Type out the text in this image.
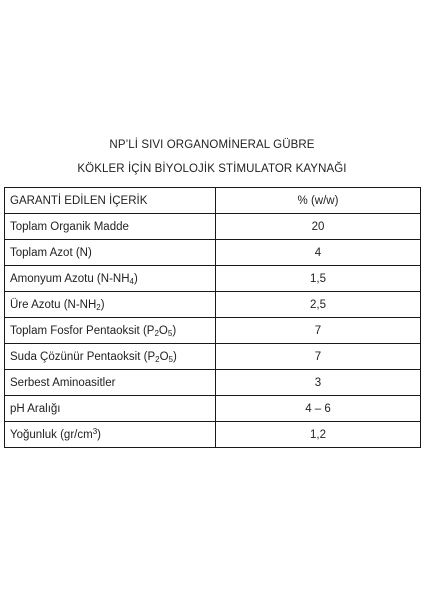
NP’Lİ SIVI ORGANOMİNERAL GÜBRE
KÖKLER İÇİN BİYOLOJİK STİMULATOR KAYNAĞI
GARANTİ EDİLEN İÇERİK	% (w/w)
Toplam Organik Madde	20
Toplam Azot (N)	4
Amonyum Azotu $(N-NH_4)$	1,5
Üre Azotu $(N-NH_2)$	2,5
Toplam Fosfor Pentaoksit $(P_2O_5)$	7
Suda Çözünür Pentaoksit $(P_2O_5)$	7
Serbest Aminoasitler	3
pH Aralığı	4 – 6
Yoğunluk $(gr/cm^3)$	1,2
